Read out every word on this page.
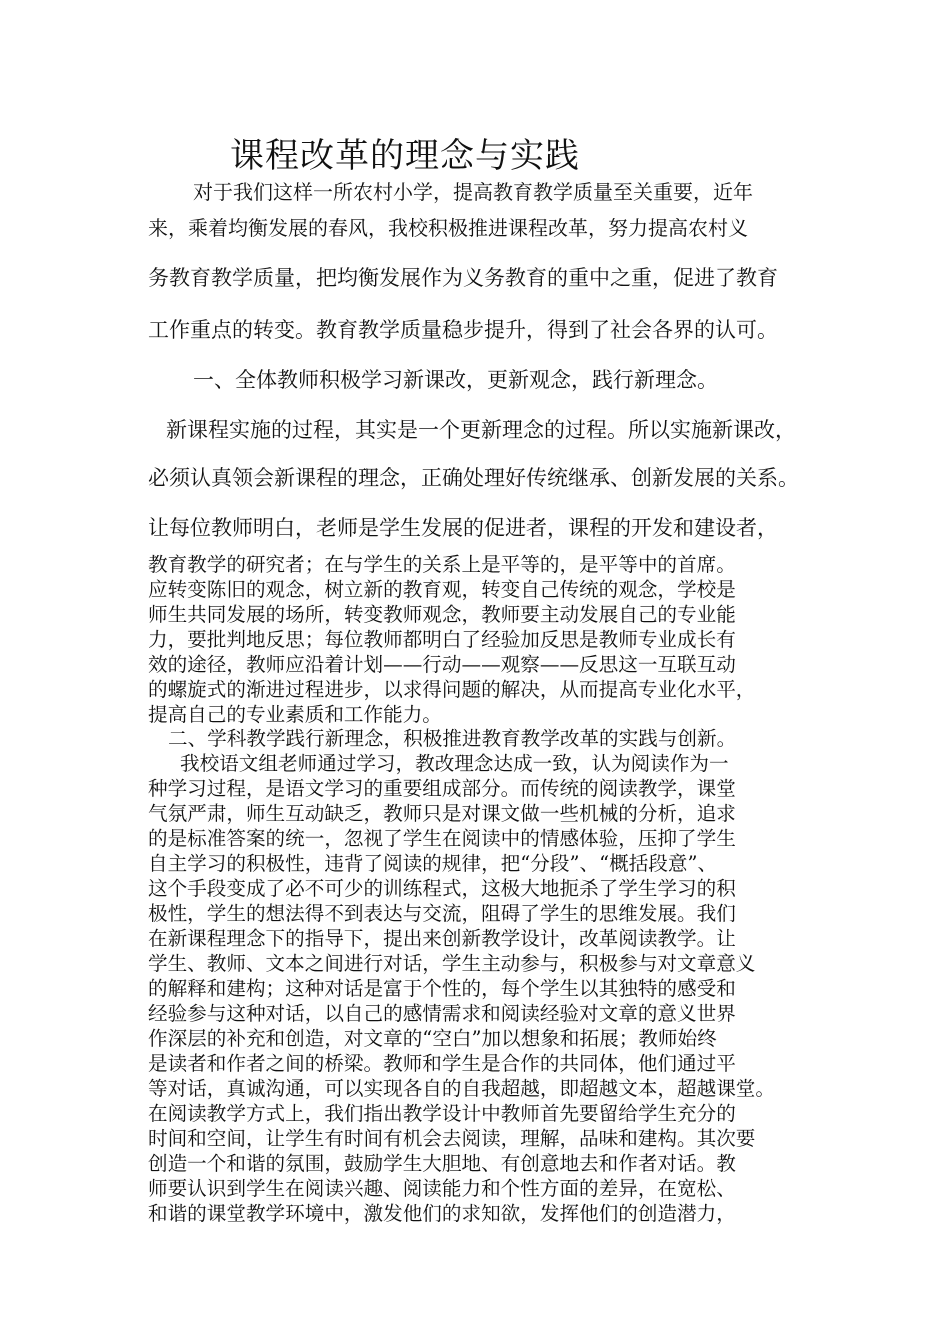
课程改革的理念与实践
对于我们这样一所农村小学，提高教育教学质量至关重要，近年
来，乘着均衡发展的春风，我校积极推进课程改革，努力提高农村义
务教育教学质量，把均衡发展作为义务教育的重中之重，促进了教育
工作重点的转变。教育教学质量稳步提升，得到了社会各界的认可。
一、全体教师积极学习新课改，更新观念，践行新理念。
新课程实施的过程，其实是一个更新理念的过程。所以实施新课改，
必须认真领会新课程的理念，正确处理好传统继承、创新发展的关系。
让每位教师明白，老师是学生发展的促进者，课程的开发和建设者，
教育教学的研究者；在与学生的关系上是平等的，是平等中的首席。
应转变陈旧的观念，树立新的教育观，转变自己传统的观念，学校是
师生共同发展的场所，转变教师观念，教师要主动发展自己的专业能
力，要批判地反思；每位教师都明白了经验加反思是教师专业成长有
效的途径，教师应沿着计划——行动——观察——反思这一互联互动
的螺旋式的渐进过程进步，以求得问题的解决，从而提高专业化水平，
提高自己的专业素质和工作能力。
二、学科教学践行新理念，积极推进教育教学改革的实践与创新。
我校语文组老师通过学习，教改理念达成一致，认为阅读作为一
种学习过程，是语文学习的重要组成部分。而传统的阅读教学，课堂
气氛严肃，师生互动缺乏，教师只是对课文做一些机械的分析，追求
的是标准答案的统一，忽视了学生在阅读中的情感体验，压抑了学生
自主学习的积极性，违背了阅读的规律，把“分段”、“概括段意”、
这个手段变成了必不可少的训练程式，这极大地扼杀了学生学习的积
极性，学生的想法得不到表达与交流，阻碍了学生的思维发展。我们
在新课程理念下的指导下，提出来创新教学设计，改革阅读教学。让
学生、教师、文本之间进行对话，学生主动参与，积极参与对文章意义
的解释和建构；这种对话是富于个性的，每个学生以其独特的感受和
经验参与这种对话，以自己的感情需求和阅读经验对文章的意义世界
作深层的补充和创造，对文章的“空白”加以想象和拓展；教师始终
是读者和作者之间的桥梁。教师和学生是合作的共同体，他们通过平
等对话，真诚沟通，可以实现各自的自我超越，即超越文本，超越课堂。
在阅读教学方式上，我们指出教学设计中教师首先要留给学生充分的
时间和空间，让学生有时间有机会去阅读，理解，品味和建构。其次要
创造一个和谐的氛围，鼓励学生大胆地、有创意地去和作者对话。教
师要认识到学生在阅读兴趣、阅读能力和个性方面的差异，在宽松、
和谐的课堂教学环境中，激发他们的求知欲，发挥他们的创造潜力，
